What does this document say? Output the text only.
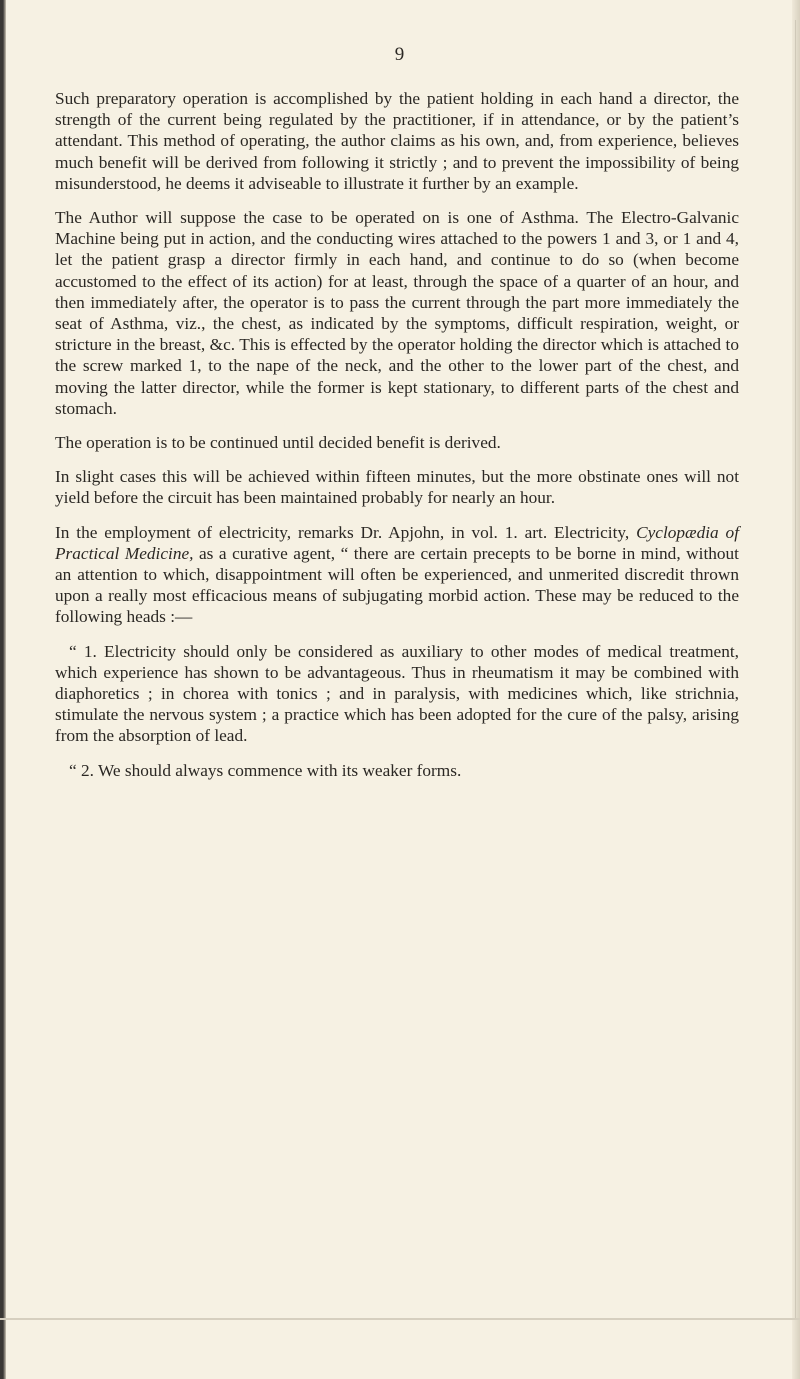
9

Such preparatory operation is accomplished by the patient holding in each hand a director, the strength of the current being regulated by the practitioner, if in attendance, or by the patient’s attendant. This method of operating, the author claims as his own, and, from experience, believes much benefit will be derived from following it strictly ; and to prevent the impossibility of being misunderstood, he deems it adviseable to illustrate it further by an example.

The Author will suppose the case to be operated on is one of Asthma. The Electro-Galvanic Machine being put in action, and the conducting wires attached to the powers 1 and 3, or 1 and 4, let the patient grasp a director firmly in each hand, and continue to do so (when become accustomed to the effect of its action) for at least, through the space of a quarter of an hour, and then immediately after, the operator is to pass the current through the part more immediately the seat of Asthma, viz., the chest, as indicated by the symptoms, difficult respiration, weight, or stricture in the breast, &c. This is effected by the operator holding the director which is attached to the screw marked 1, to the nape of the neck, and the other to the lower part of the chest, and moving the latter director, while the former is kept stationary, to different parts of the chest and stomach.

The operation is to be continued until decided benefit is derived.

In slight cases this will be achieved within fifteen minutes, but the more obstinate ones will not yield before the circuit has been maintained probably for nearly an hour.

In the employment of electricity, remarks Dr. Apjohn, in vol. 1. art. Electricity, Cyclopædia of Practical Medicine, as a curative agent, “ there are certain precepts to be borne in mind, without an attention to which, disappointment will often be experienced, and unmerited discredit thrown upon a really most efficacious means of subjugating morbid action. These may be reduced to the following heads :—

“ 1. Electricity should only be considered as auxiliary to other modes of medical treatment, which experience has shown to be advantageous. Thus in rheumatism it may be combined with diaphoretics ; in chorea with tonics ; and in paralysis, with medicines which, like strichnia, stimulate the nervous system ; a practice which has been adopted for the cure of the palsy, arising from the absorption of lead.

“ 2. We should always commence with its weaker forms.
